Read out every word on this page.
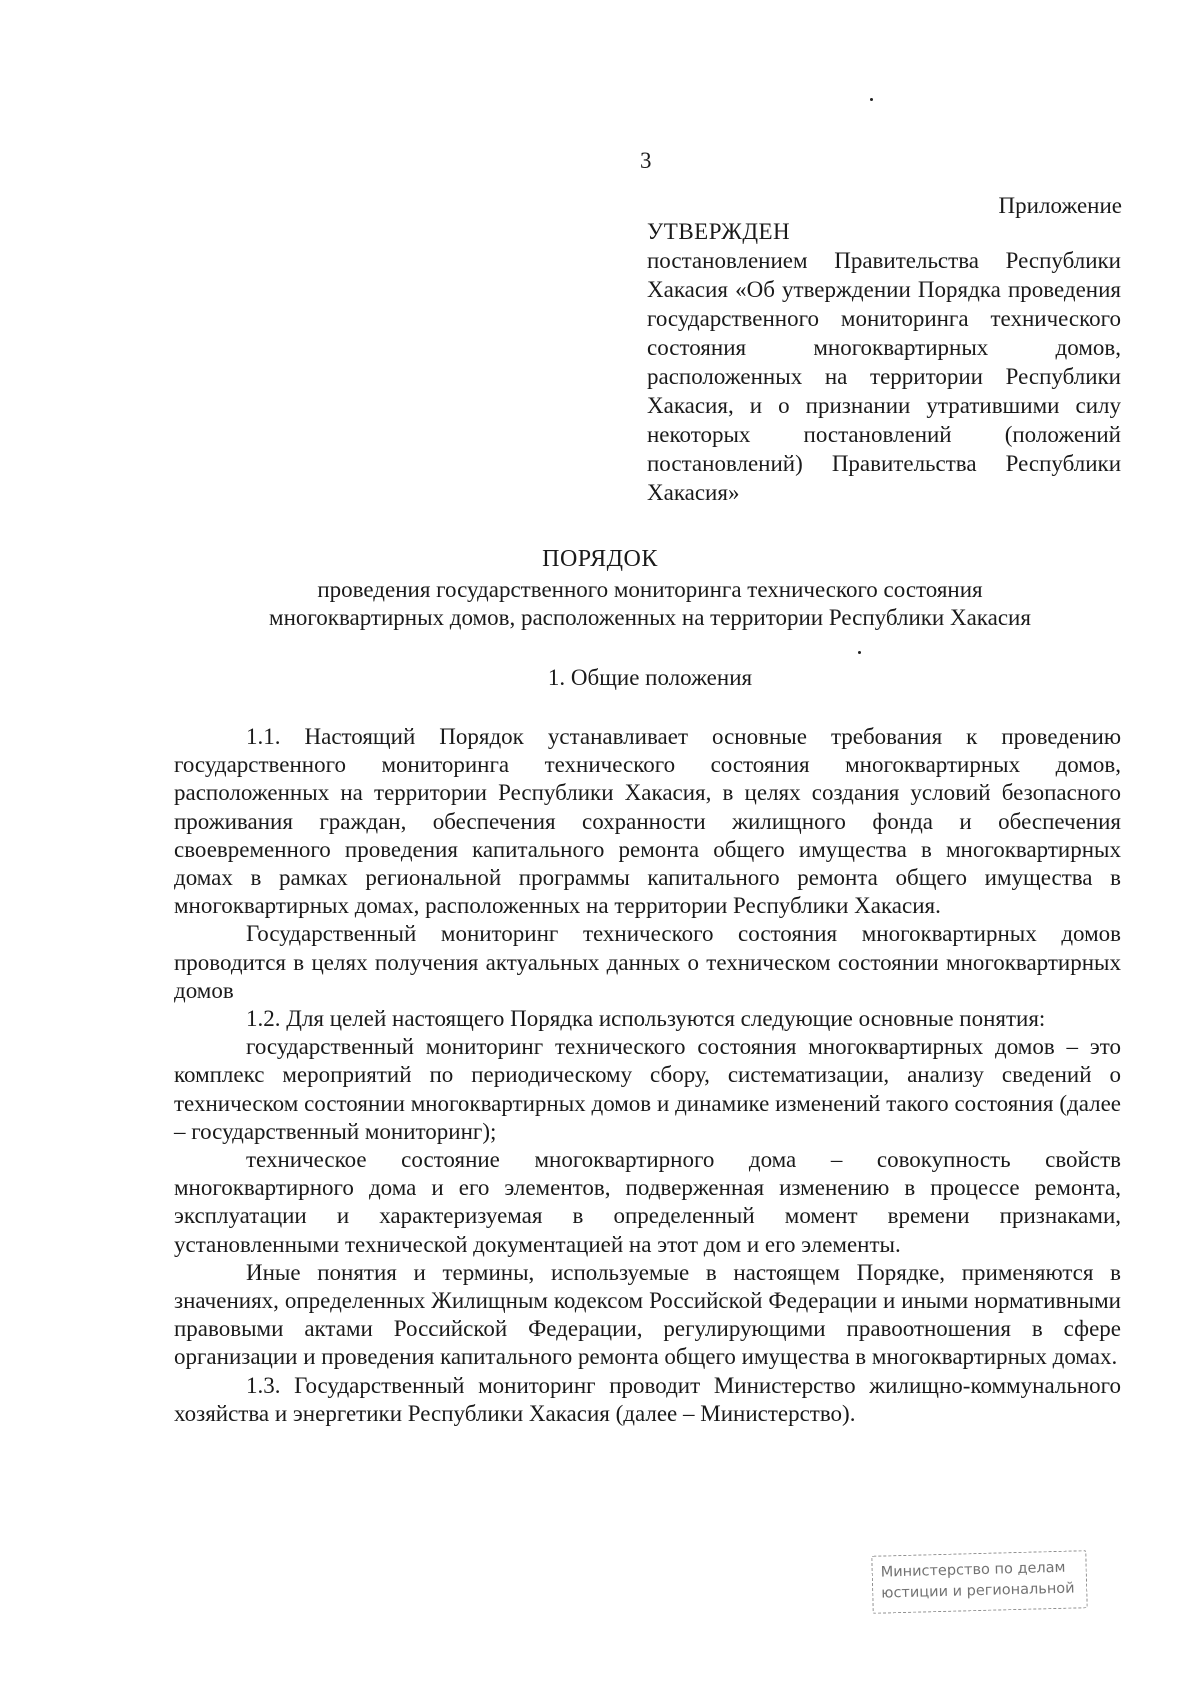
3
Приложение
УТВЕРЖДЕН
постановлением Правительства Республики Хакасия «Об утверждении Порядка проведения государственного мониторинга технического состояния многоквартирных домов, расположенных на территории Республики Хакасия, и о признании утратившими силу некоторых постановлений (положений постановлений) Правительства Республики Хакасия»
ПОРЯДОК
проведения государственного мониторинга технического состояния
многоквартирных домов, расположенных на территории Республики Хакасия
1. Общие положения

1.1. Настоящий Порядок устанавливает основные требования к проведению государственного мониторинга технического состояния многоквартирных домов, расположенных на территории Республики Хакасия, в целях создания условий безопасного проживания граждан, обеспечения сохранности жилищного фонда и обеспечения своевременного проведения капитального ремонта общего имущества в многоквартирных домах в рамках региональной программы капитального ремонта общего имущества в многоквартирных домах, расположенных на территории Республики Хакасия.

Государственный мониторинг технического состояния многоквартирных домов проводится в целях получения актуальных данных о техническом состоянии многоквартирных домов

1.2. Для целей настоящего Порядка используются следующие основные понятия:

государственный мониторинг технического состояния многоквартирных домов – это комплекс мероприятий по периодическому сбору, систематизации, анализу сведений о техническом состоянии многоквартирных домов и динамике изменений такого состояния (далее – государственный мониторинг);

техническое состояние многоквартирного дома – совокупность свойств многоквартирного дома и его элементов, подверженная изменению в процессе ремонта, эксплуатации и характеризуемая в определенный момент времени признаками, установленными технической документацией на этот дом и его элементы.

Иные понятия и термины, используемые в настоящем Порядке, применяются в значениях, определенных Жилищным кодексом Российской Федерации и иными нормативными правовыми актами Российской Федерации, регулирующими правоотношения в сфере организации и проведения капитального ремонта общего имущества в многоквартирных домах.

1.3. Государственный мониторинг проводит Министерство жилищно-коммунального хозяйства и энергетики Республики Хакасия (далее – Министерство).

Министерство по делам
юстиции и региональной
